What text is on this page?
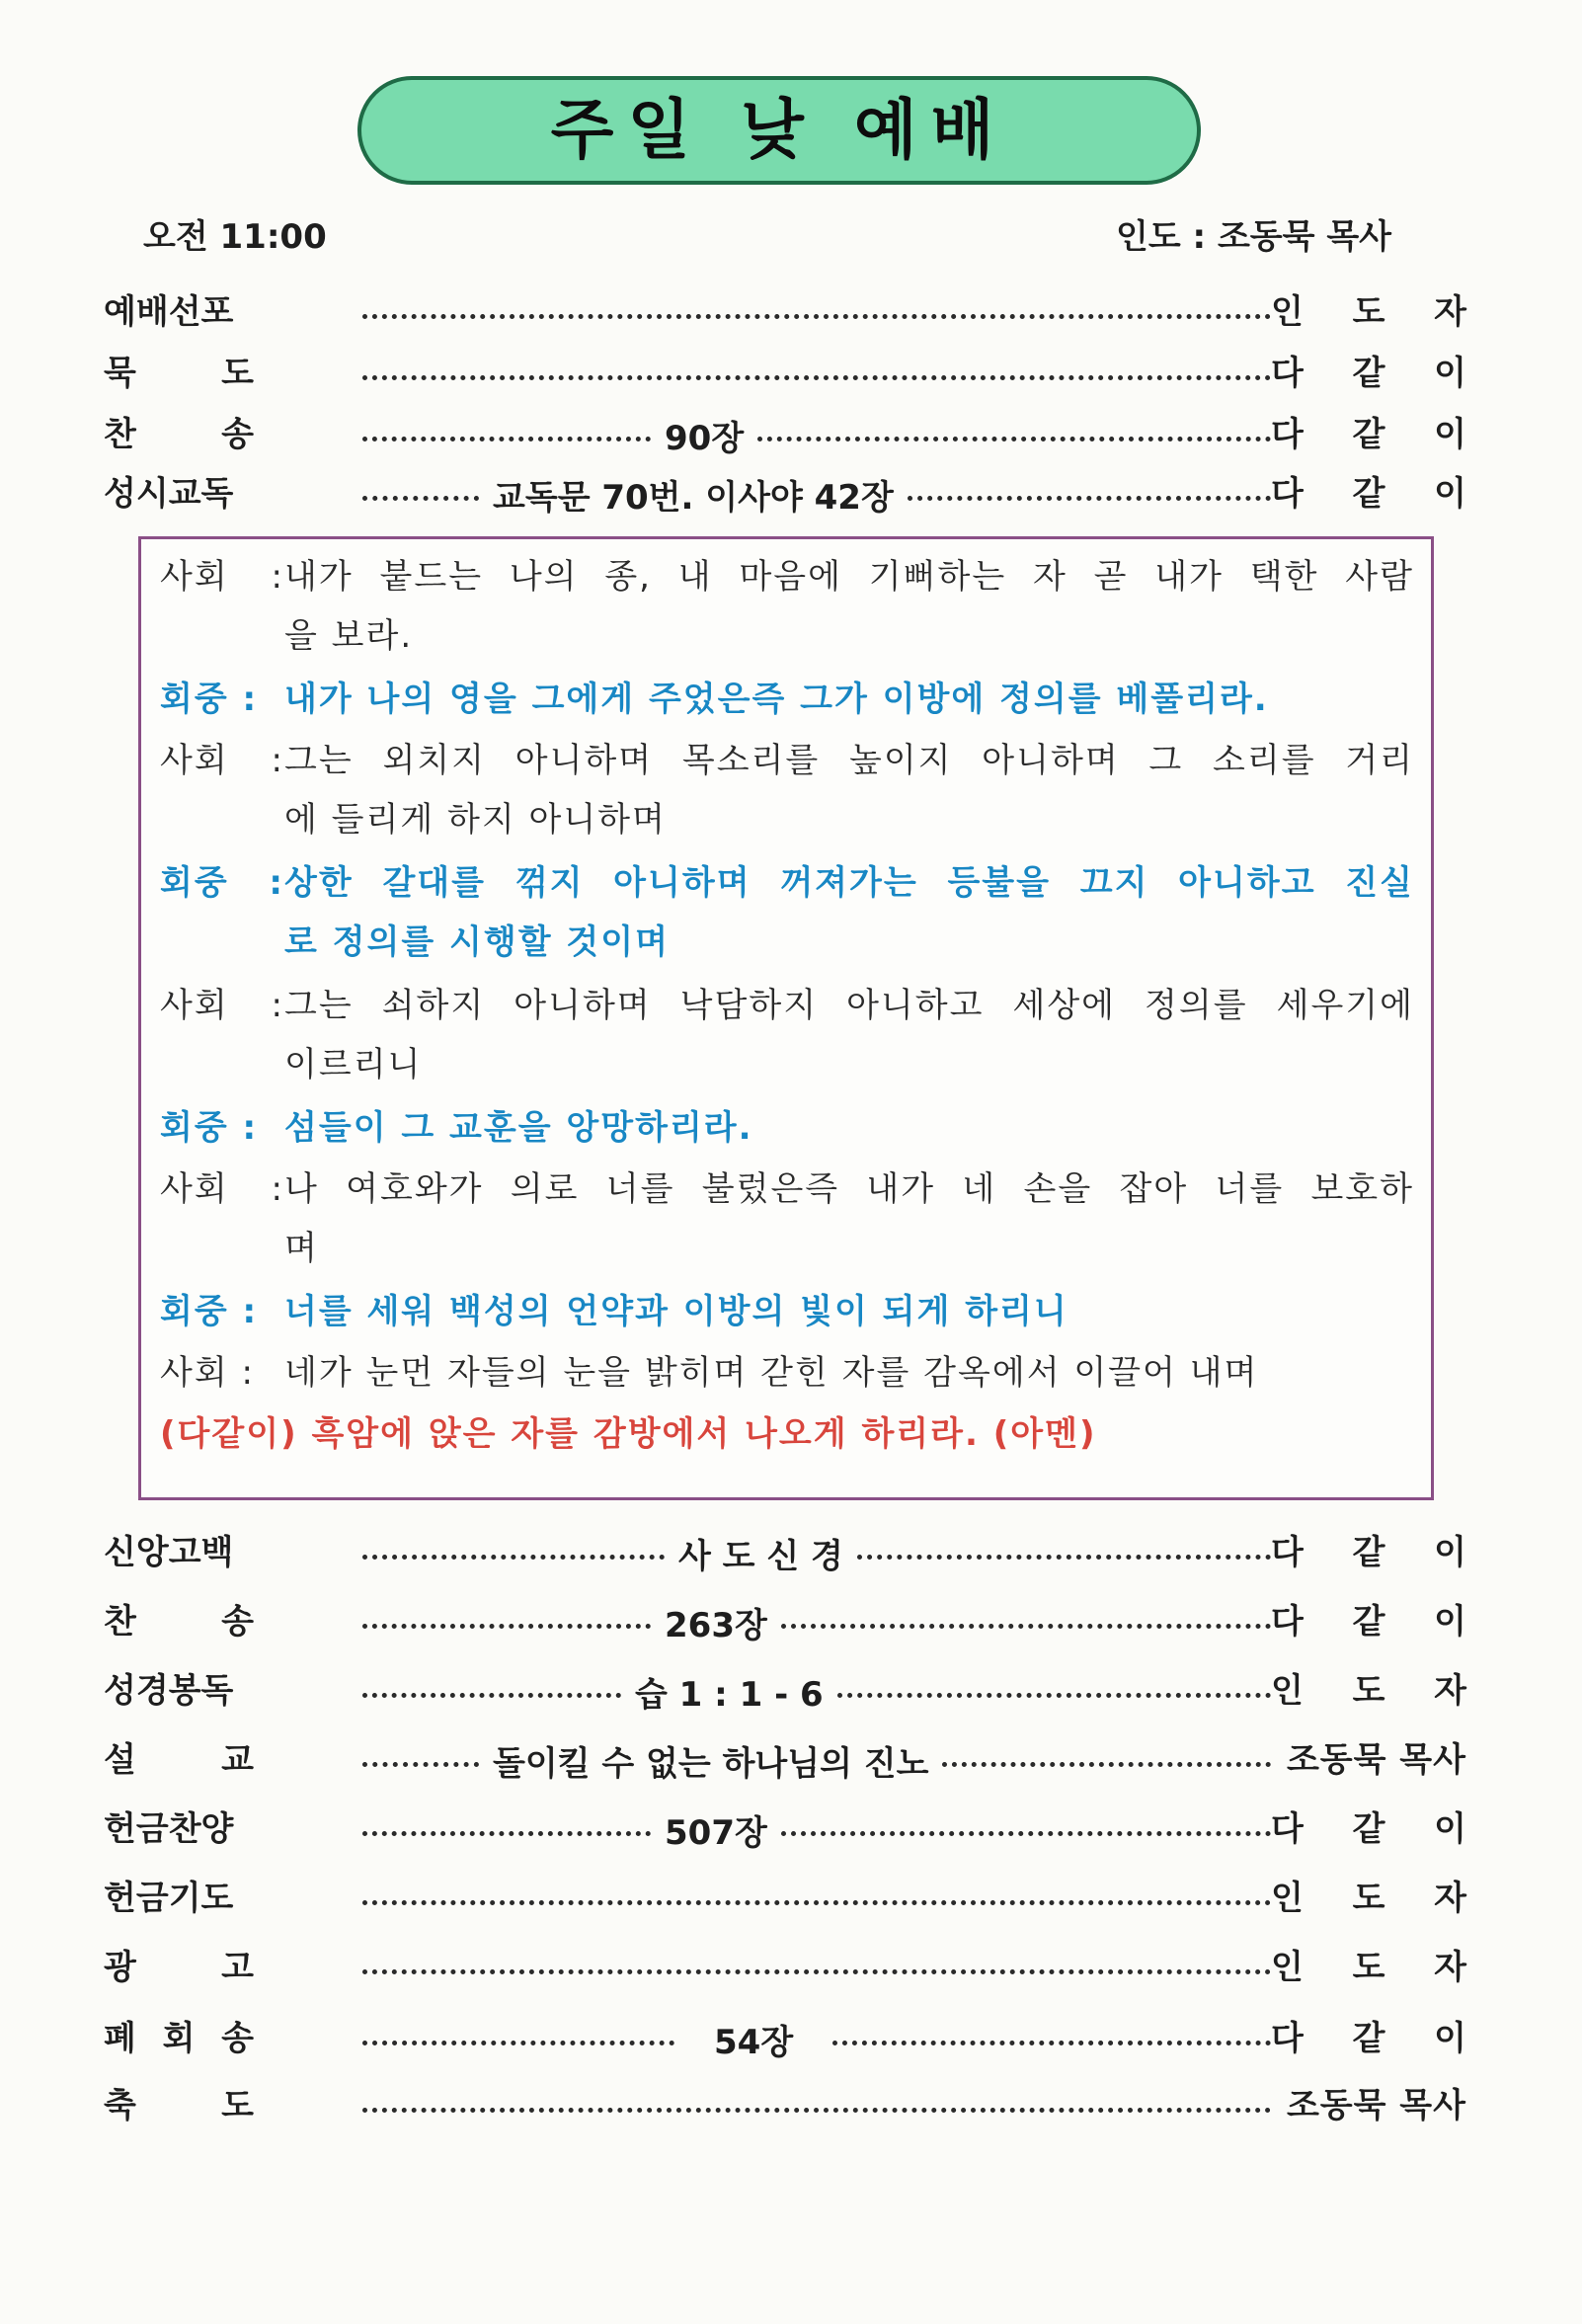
주일 낮 예배
오전 11:00	인도 : 조동묵 목사
예배선포	인 도 자
묵	도	다 같 이
찬	송	90장	다 같 이
성시교독	교독문 70번. 이사야 42장	다 같 이
사회 :내가 붙드는 나의 종, 내 마음에 기뻐하는 자 곧 내가 택한 사람
을 보라.
회중 : 내가 나의 영을 그에게 주었은즉 그가 이방에 정의를 베풀리라.
사회 :그는 외치지 아니하며 목소리를 높이지 아니하며 그 소리를 거리
에 들리게 하지 아니하며
회중 :상한 갈대를 꺾지 아니하며 꺼져가는 등불을 끄지 아니하고 진실
로 정의를 시행할 것이며
사회 :그는 쇠하지 아니하며 낙담하지 아니하고 세상에 정의를 세우기에
이르리니
회중 : 섬들이 그 교훈을 앙망하리라.
사회 :나 여호와가 의로 너를 불렀은즉 내가 네 손을 잡아 너를 보호하
며
회중 : 너를 세워 백성의 언약과 이방의 빛이 되게 하리니
사회 : 네가 눈먼 자들의 눈을 밝히며 갇힌 자를 감옥에서 이끌어 내며
(다같이) 흑암에 앉은 자를 감방에서 나오게 하리라. (아멘)
신앙고백	사 도 신 경	다 같 이
찬	송	263장	다 같 이
성경봉독	습 1 : 1 - 6	인 도 자
설	교	돌이킬 수 없는 하나님의 진노	조동묵 목사
헌금찬양	507장	다 같 이
헌금기도	인 도 자
광	고	인 도 자
폐 회 송	54장	다 같 이
축	도	조동묵 목사
